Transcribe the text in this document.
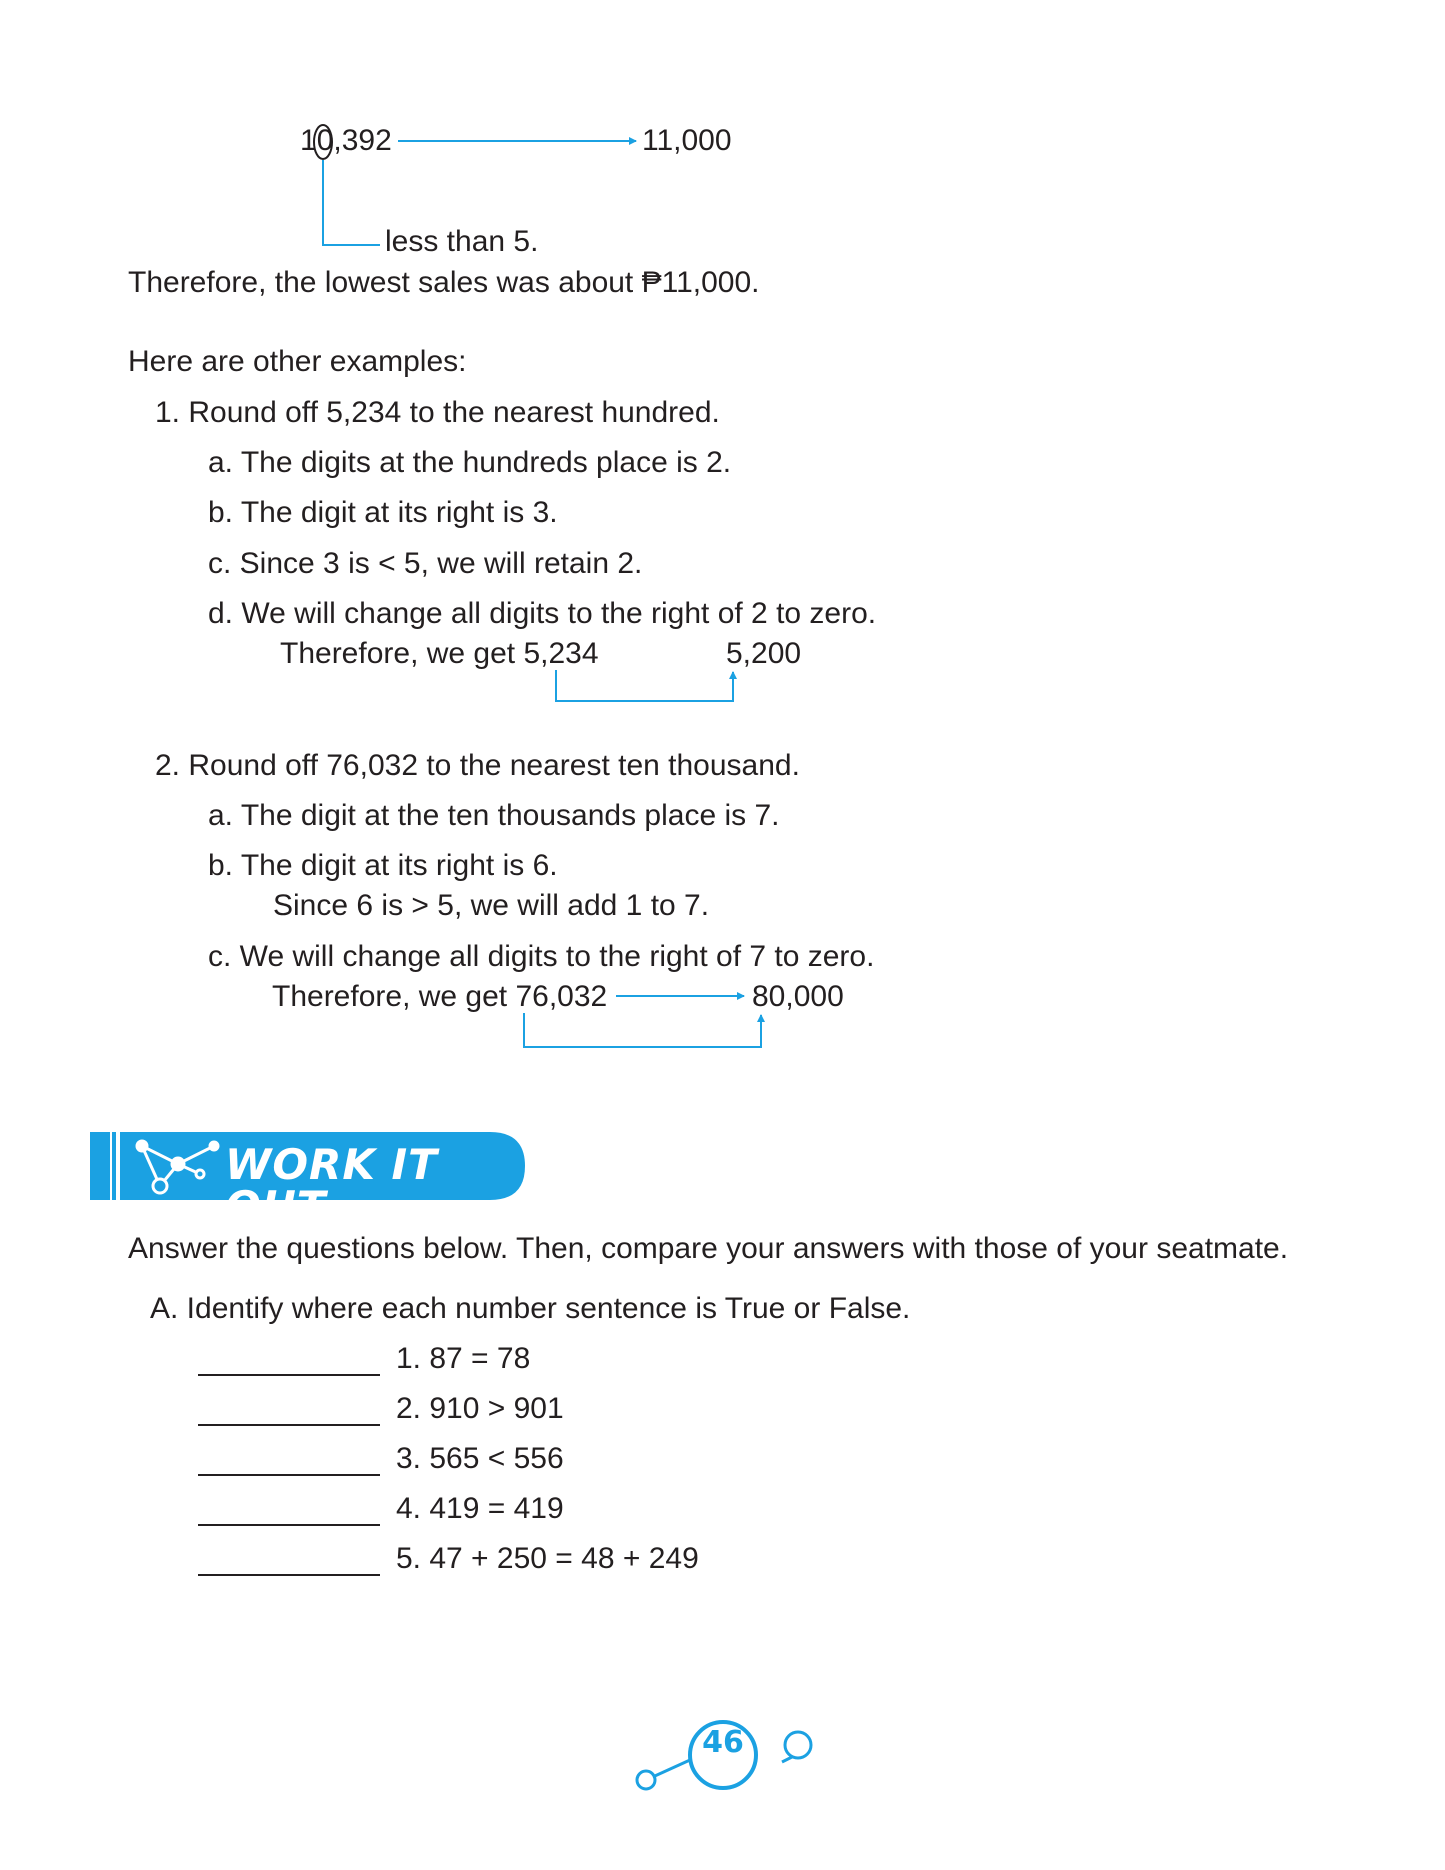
10,392	11,000
less than 5.
Therefore, the lowest sales was about ₱11,000.
Here are other examples:
1. Round off 5,234 to the nearest hundred.
a. The digits at the hundreds place is 2.
b. The digit at its right is 3.
c. Since 3 is < 5, we will retain 2.
d. We will change all digits to the right of 2 to zero.
Therefore, we get 5,234	5,200
2. Round off 76,032 to the nearest ten thousand.
a. The digit at the ten thousands place is 7.
b. The digit at its right is 6.
Since 6 is > 5, we will add 1 to 7.
c. We will change all digits to the right of 7 to zero.
Therefore, we get 76,032	80,000
WORK IT OUT
Answer the questions below. Then, compare your answers with those of your seatmate.
A. Identify where each number sentence is True or False.
1. 87 = 78
2. 910 > 901
3. 565 < 556
4. 419 = 419
5. 47 + 250 = 48 + 249
46
